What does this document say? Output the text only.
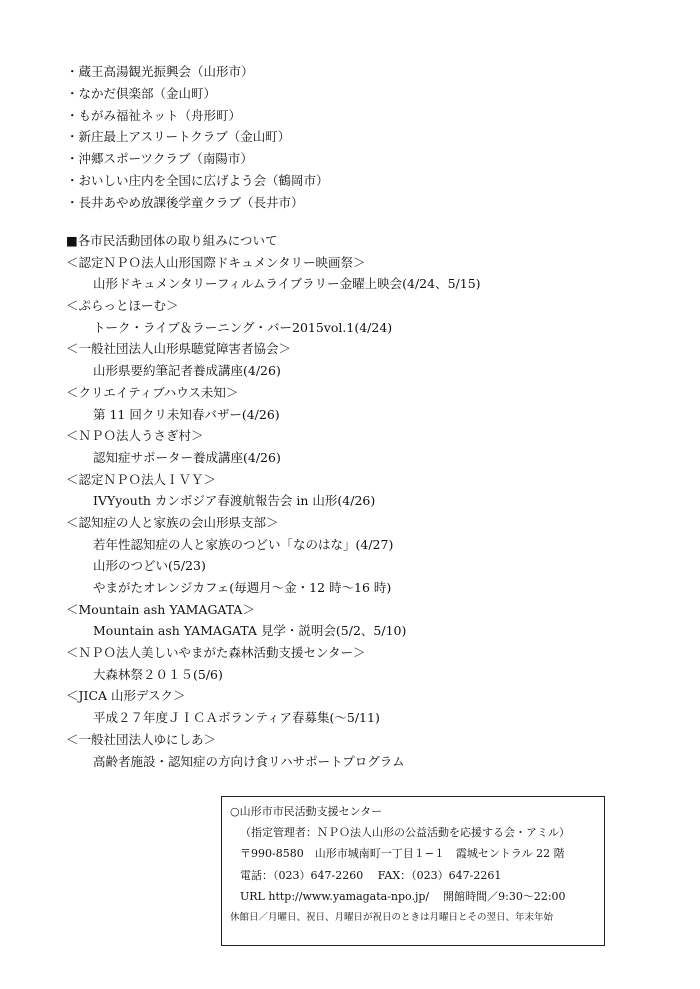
・蔵王高湯観光振興会（山形市）
・なかだ倶楽部（金山町）
・もがみ福祉ネット（舟形町）
・新庄最上アスリートクラブ（金山町）
・沖郷スポーツクラブ（南陽市）
・おいしい庄内を全国に広げよう会（鶴岡市）
・長井あやめ放課後学童クラブ（長井市）
■各市民活動団体の取り組みについて
＜認定ＮＰＯ法人山形国際ドキュメンタリー映画祭＞
山形ドキュメンタリーフィルムライブラリー金曜上映会(4/24、5/15)
＜ぷらっとほーむ＞
トーク・ライブ＆ラーニング・バー2015vol.1(4/24)
＜一般社団法人山形県聴覚障害者協会＞
山形県要約筆記者養成講座(4/26)
＜クリエイティブハウス未知＞
第 11 回クリ未知春バザー(4/26)
＜ＮＰＯ法人うさぎ村＞
認知症サポーター養成講座(4/26)
＜認定ＮＰＯ法人ＩＶＹ＞
IVYyouth カンボジア春渡航報告会 in 山形(4/26)
＜認知症の人と家族の会山形県支部＞
若年性認知症の人と家族のつどい「なのはな」(4/27)
山形のつどい(5/23)
やまがたオレンジカフェ(毎週月～金・12 時～16 時)
＜Mountain ash YAMAGATA＞
Mountain ash YAMAGATA 見学・説明会(5/2、5/10)
＜ＮＰＯ法人美しいやまがた森林活動支援センター＞
大森林祭２０１５(5/6)
＜JICA 山形デスク＞
平成２７年度ＪＩＣＡボランティア春募集(～5/11)
＜一般社団法人ゆにしあ＞
高齢者施設・認知症の方向け食リハサポートプログラム
○山形市市民活動支援センター
（指定管理者：ＮＰＯ法人山形の公益活動を応援する会・アミル）
〒990-8580　山形市城南町一丁目１−１　霞城セントラル 22 階
電話：（023）647-2260　 FAX：（023）647-2261
URL http://www.yamagata-npo.jp/ 開館時間／9:30～22:00
休館日／月曜日、祝日、月曜日が祝日のときは月曜日とその翌日、年末年始
